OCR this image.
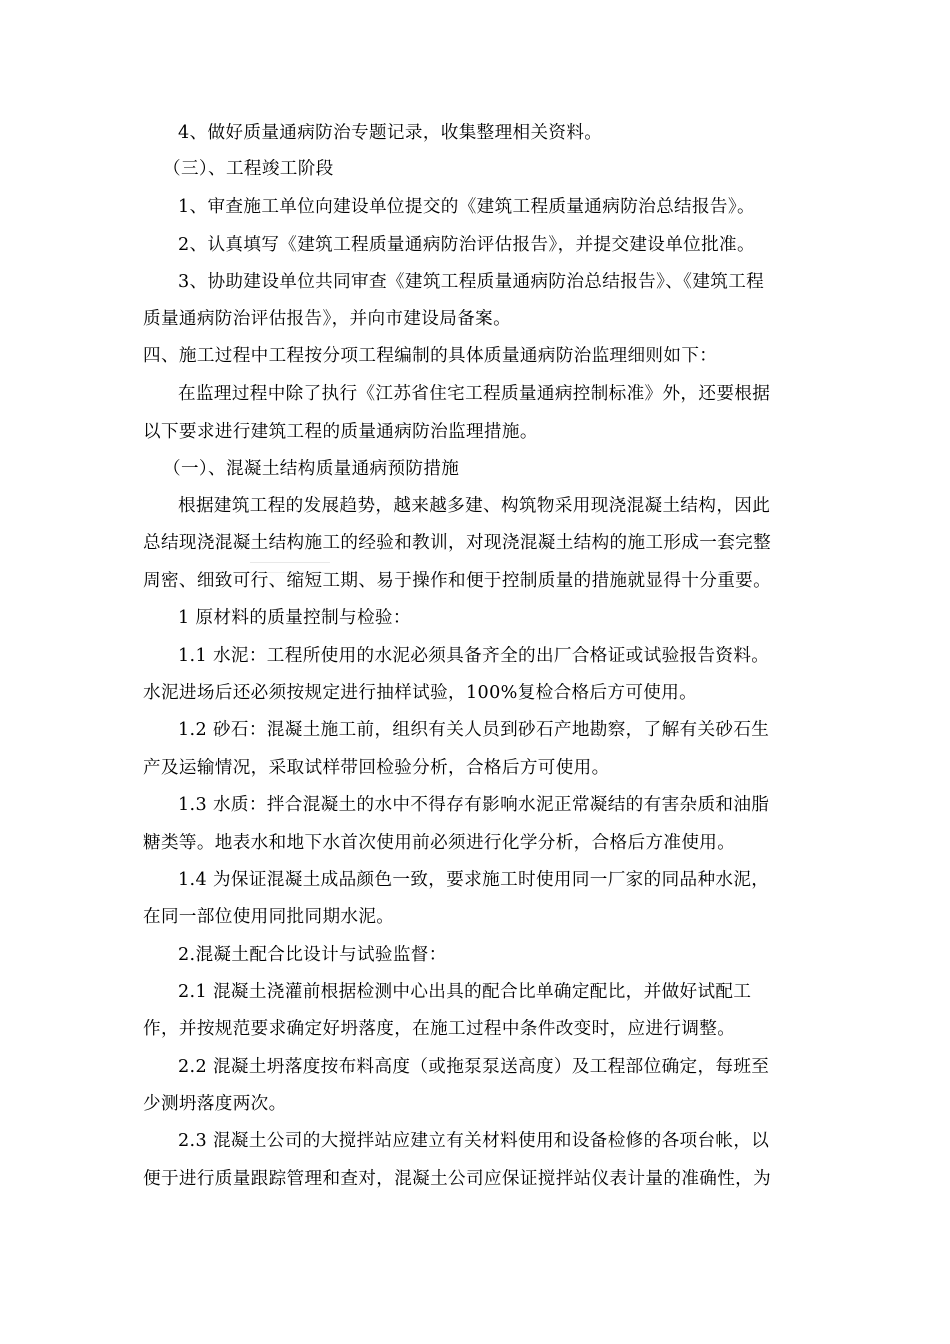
4、做好质量通病防治专题记录，收集整理相关资料。
（三）、工程竣工阶段
1、审查施工单位向建设单位提交的《建筑工程质量通病防治总结报告》。
2、认真填写《建筑工程质量通病防治评估报告》，并提交建设单位批准。
3、协助建设单位共同审查《建筑工程质量通病防治总结报告》、《建筑工程
质量通病防治评估报告》，并向市建设局备案。
四、施工过程中工程按分项工程编制的具体质量通病防治监理细则如下：
在监理过程中除了执行《江苏省住宅工程质量通病控制标准》外，还要根据
以下要求进行建筑工程的质量通病防治监理措施。
（一）、混凝土结构质量通病预防措施
根据建筑工程的发展趋势，越来越多建、构筑物采用现浇混凝土结构，因此
总结现浇混凝土结构施工的经验和教训，对现浇混凝土结构的施工形成一套完整
周密、细致可行、缩短工期、易于操作和便于控制质量的措施就显得十分重要。
1 原材料的质量控制与检验：
1.1 水泥：工程所使用的水泥必须具备齐全的出厂合格证或试验报告资料。
水泥进场后还必须按规定进行抽样试验，100%复检合格后方可使用。
1.2 砂石：混凝土施工前，组织有关人员到砂石产地勘察，了解有关砂石生
产及运输情况，采取试样带回检验分析，合格后方可使用。
1.3 水质：拌合混凝土的水中不得存有影响水泥正常凝结的有害杂质和油脂
糖类等。地表水和地下水首次使用前必须进行化学分析，合格后方准使用。
1.4 为保证混凝土成品颜色一致，要求施工时使用同一厂家的同品种水泥，
在同一部位使用同批同期水泥。
2.混凝土配合比设计与试验监督：
2.1 混凝土浇灌前根据检测中心出具的配合比单确定配比，并做好试配工
作，并按规范要求确定好坍落度，在施工过程中条件改变时，应进行调整。
2.2 混凝土坍落度按布料高度（或拖泵泵送高度）及工程部位确定，每班至
少测坍落度两次。
2.3 混凝土公司的大搅拌站应建立有关材料使用和设备检修的各项台帐，以
便于进行质量跟踪管理和查对，混凝土公司应保证搅拌站仪表计量的准确性，为
